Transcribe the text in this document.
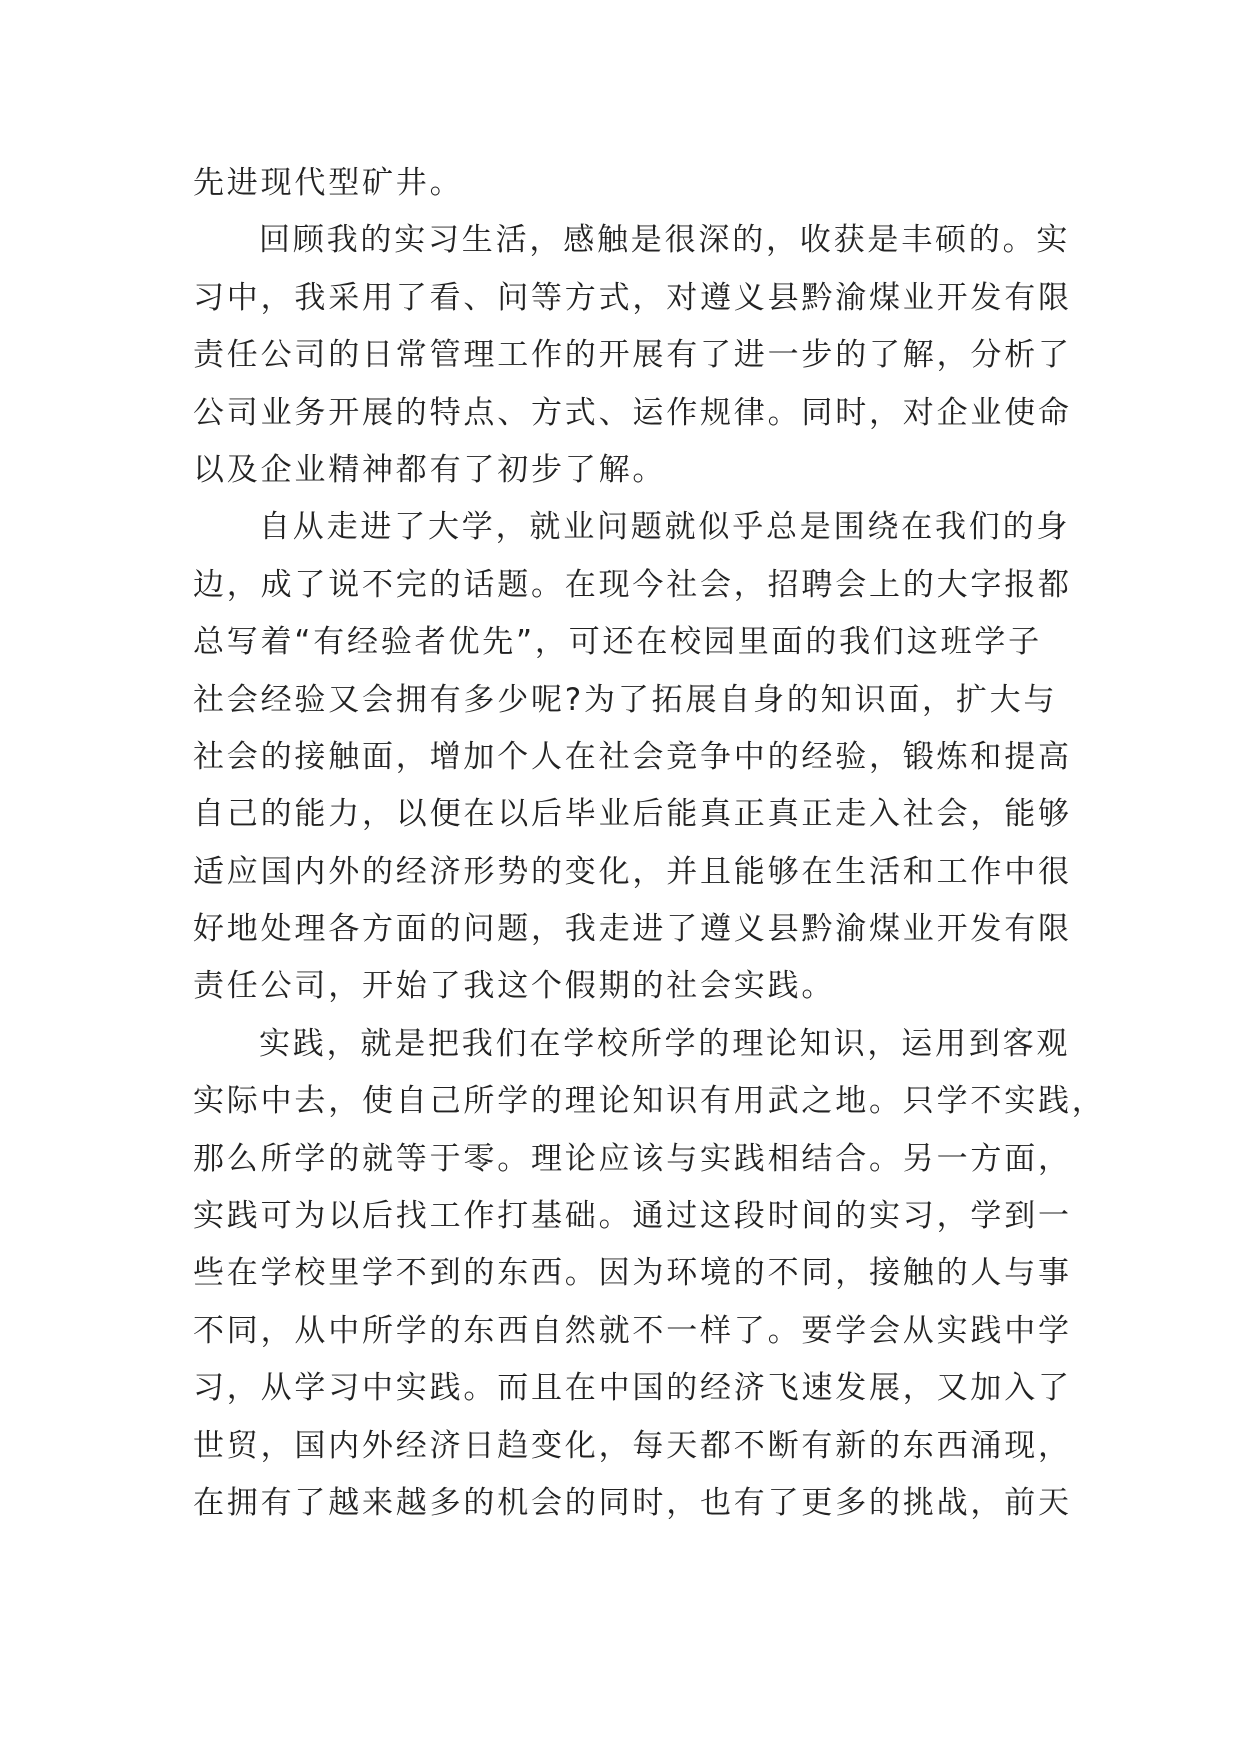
先进现代型矿井。
回顾我的实习生活，感触是很深的，收获是丰硕的。实
习中，我采用了看、问等方式，对遵义县黔渝煤业开发有限
责任公司的日常管理工作的开展有了进一步的了解，分析了
公司业务开展的特点、方式、运作规律。同时，对企业使命
以及企业精神都有了初步了解。
自从走进了大学，就业问题就似乎总是围绕在我们的身
边，成了说不完的话题。在现今社会，招聘会上的大字报都
总写着“有经验者优先”，可还在校园里面的我们这班学子
社会经验又会拥有多少呢?为了拓展自身的知识面，扩大与
社会的接触面，增加个人在社会竞争中的经验，锻炼和提高
自己的能力，以便在以后毕业后能真正真正走入社会，能够
适应国内外的经济形势的变化，并且能够在生活和工作中很
好地处理各方面的问题，我走进了遵义县黔渝煤业开发有限
责任公司，开始了我这个假期的社会实践。
实践，就是把我们在学校所学的理论知识，运用到客观
实际中去，使自己所学的理论知识有用武之地。只学不实践，
那么所学的就等于零。理论应该与实践相结合。另一方面，
实践可为以后找工作打基础。通过这段时间的实习，学到一
些在学校里学不到的东西。因为环境的不同，接触的人与事
不同，从中所学的东西自然就不一样了。要学会从实践中学
习，从学习中实践。而且在中国的经济飞速发展，又加入了
世贸，国内外经济日趋变化，每天都不断有新的东西涌现，
在拥有了越来越多的机会的同时，也有了更多的挑战，前天
